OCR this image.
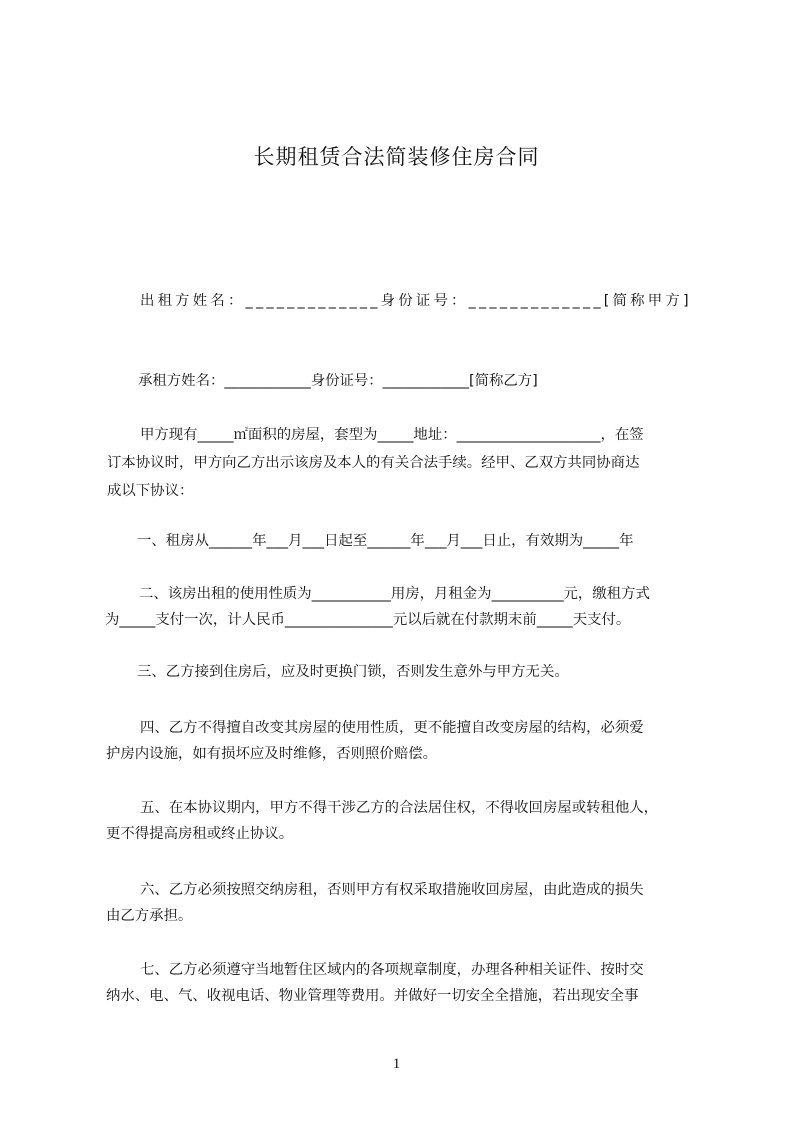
长期租赁合法简装修住房合同
出租方姓名：_____________身份证号：_____________[简称甲方]
承租方姓名：____________身份证号：____________[简称乙方]
甲方现有_____㎡面积的房屋，套型为_____地址：____________________，在签
订本协议时，甲方向乙方出示该房及本人的有关合法手续。经甲、乙双方共同协商达
成以下协议：
一、租房从______年___月___日起至______年___月___日止，有效期为_____年
二、该房出租的使用性质为___________用房，月租金为__________元，缴租方式
为_____支付一次，计人民币_______________元以后就在付款期末前_____天支付。
三、乙方接到住房后，应及时更换门锁，否则发生意外与甲方无关。
四、乙方不得擅自改变其房屋的使用性质，更不能擅自改变房屋的结构，必须爱
护房内设施，如有损坏应及时维修，否则照价赔偿。
五、在本协议期内，甲方不得干涉乙方的合法居住权，不得收回房屋或转租他人，
更不得提高房租或终止协议。
六、乙方必须按照交纳房租，否则甲方有权采取措施收回房屋，由此造成的损失
由乙方承担。
七、乙方必须遵守当地暂住区域内的各项规章制度，办理各种相关证件、按时交
纳水、电、气、收视电话、物业管理等费用。并做好一切安全全措施，若出现安全事
1
